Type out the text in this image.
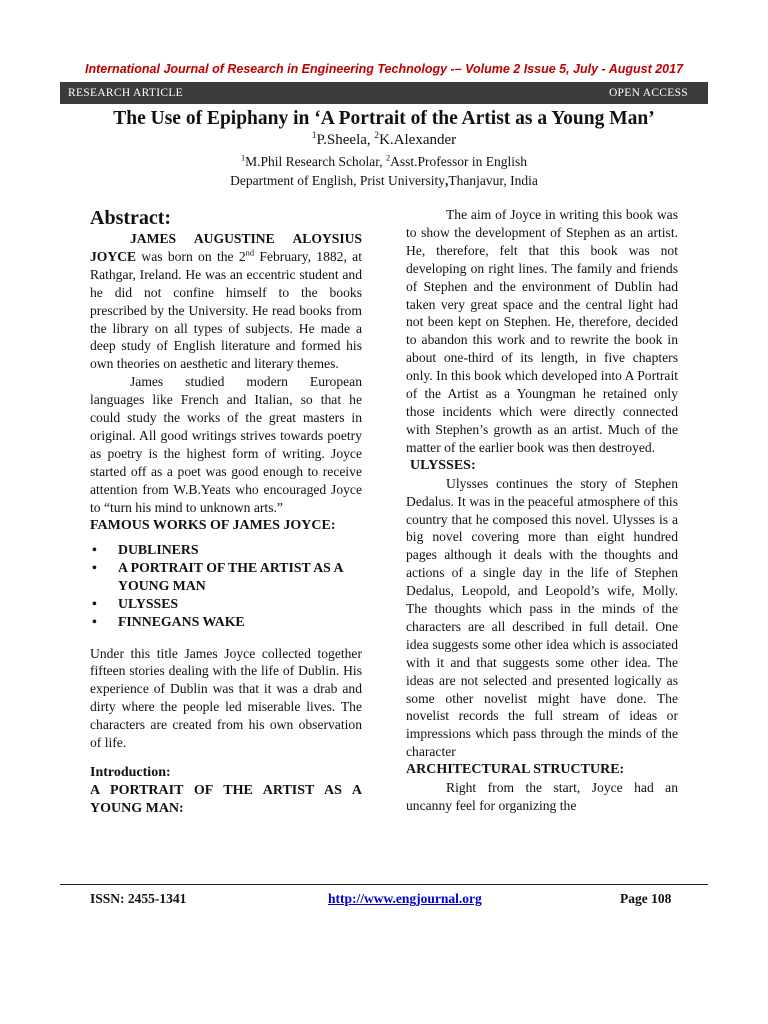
International Journal of Research in Engineering Technology -– Volume 2 Issue 5, July - August 2017
RESEARCH ARTICLE	OPEN ACCESS
The Use of Epiphany in ‘A Portrait of the Artist as a Young Man’
$^1$P.Sheela, $^2$K.Alexander
$^1$M.Phil Research Scholar, $^2$Asst.Professor in English
Department of English, Prist University,Thanjavur, India
Abstract:

JAMES AUGUSTINE ALOYSIUS JOYCE was born on the 2nd February, 1882, at Rathgar, Ireland. He was an eccentric student and he did not confine himself to the books prescribed by the University. He read books from the library on all types of subjects. He made a deep study of English literature and formed his own theories on aesthetic and literary themes.

James studied modern European languages like French and Italian, so that he could study the works of the great masters in original. All good writings strives towards poetry as poetry is the highest form of writing. Joyce started off as a poet was good enough to receive attention from W.B.Yeats who encouraged Joyce to “turn his mind to unknown arts.”

FAMOUS WORKS OF JAMES JOYCE:
• DUBLINERS
• A PORTRAIT OF THE ARTIST AS A YOUNG MAN
• ULYSSES
• FINNEGANS WAKE

Under this title James Joyce collected together fifteen stories dealing with the life of Dublin. His experience of Dublin was that it was a drab and dirty where the people led miserable lives. The characters are created from his own observation of life.

Introduction:
A PORTRAIT OF THE ARTIST AS A YOUNG MAN:

The aim of Joyce in writing this book was to show the development of Stephen as an artist. He, therefore, felt that this book was not developing on right lines. The family and friends of Stephen and the environment of Dublin had taken very great space and the central light had not been kept on Stephen. He, therefore, decided to abandon this work and to rewrite the book in about one-third of its length, in five chapters only. In this book which developed into A Portrait of the Artist as a Youngman he retained only those incidents which were directly connected with Stephen’s growth as an artist. Much of the matter of the earlier book was then destroyed.

ULYSSES:

Ulysses continues the story of Stephen Dedalus. It was in the peaceful atmosphere of this country that he composed this novel. Ulysses is a big novel covering more than eight hundred pages although it deals with the thoughts and actions of a single day in the life of Stephen Dedalus, Leopold, and Leopold’s wife, Molly. The thoughts which pass in the minds of the characters are all described in full detail. One idea suggests some other idea which is associated with it and that suggests some other idea. The ideas are not selected and presented logically as some other novelist might have done. The novelist records the full stream of ideas or impressions which pass through the minds of the character

ARCHITECTURAL STRUCTURE:

Right from the start, Joyce had an uncanny feel for organizing the

ISSN: 2455-1341	http://www.engjournal.org	Page 108
